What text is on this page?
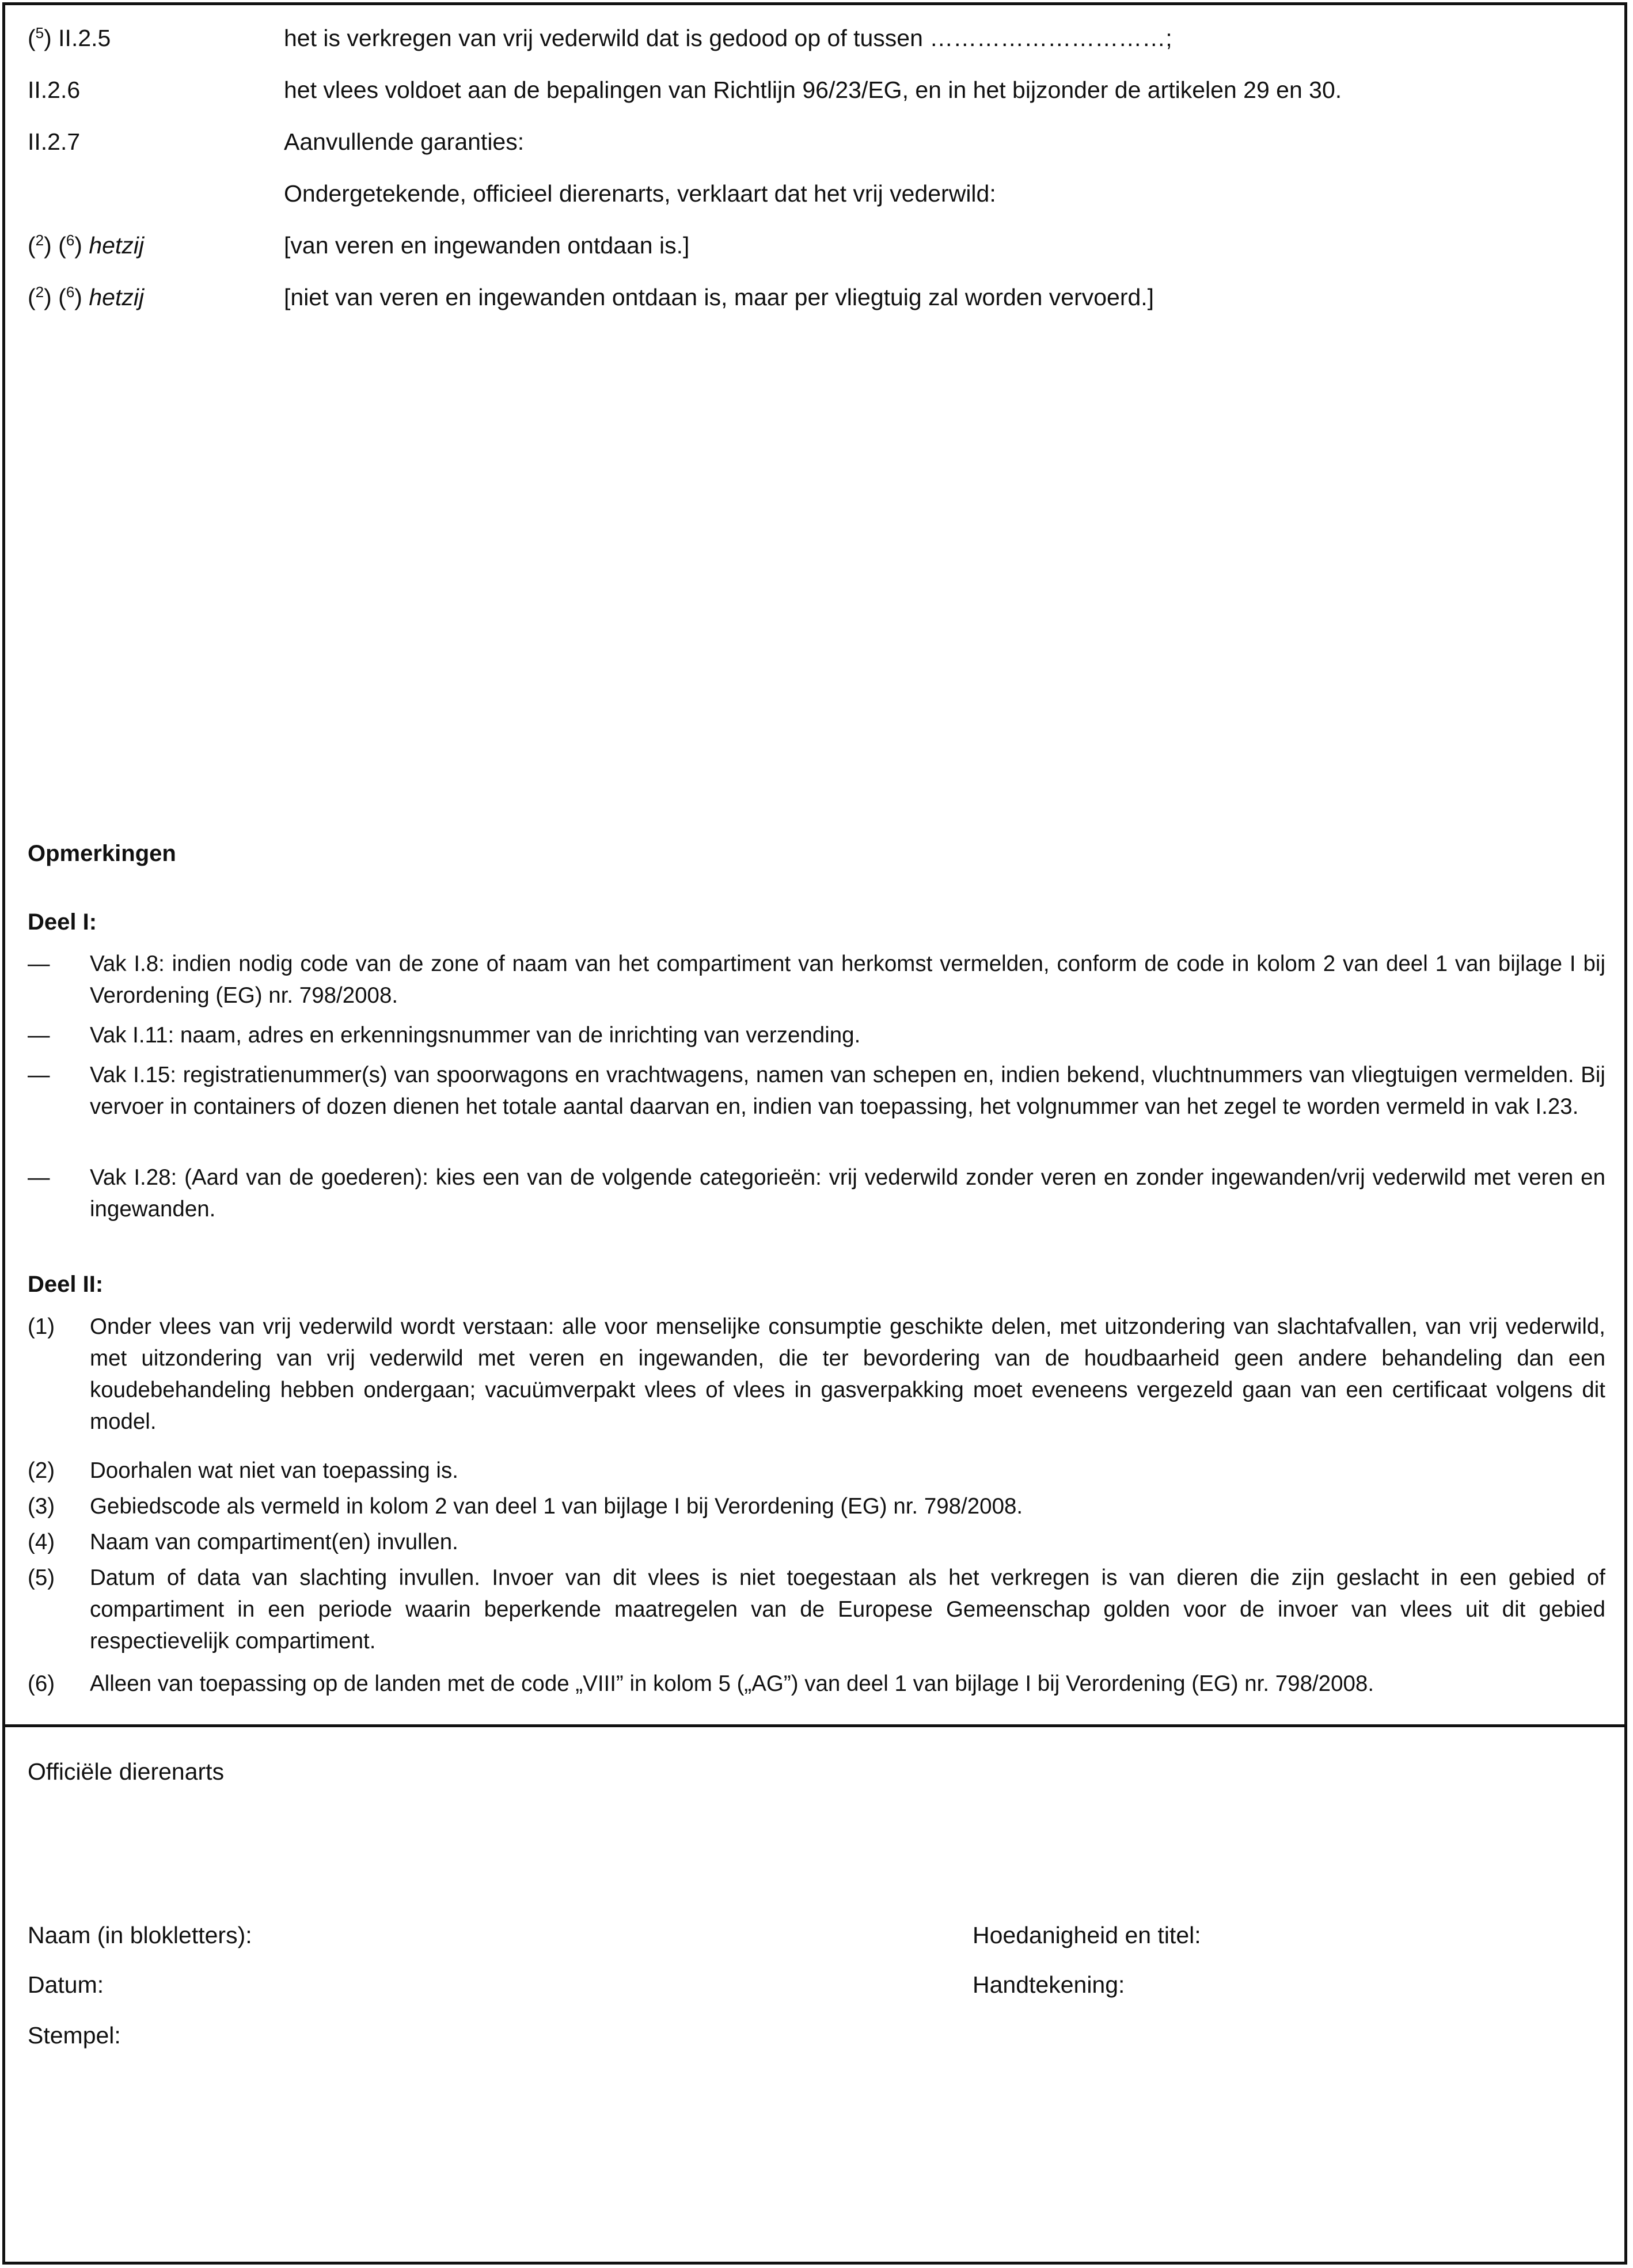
($^5$) II.2.5	het is verkregen van vrij vederwild dat is gedood op of tussen …………………………;
II.2.6	het vlees voldoet aan de bepalingen van Richtlijn 96/23/EG, en in het bijzonder de artikelen 29 en 30.
II.2.7	Aanvullende garanties:
Ondergetekende, officieel dierenarts, verklaart dat het vrij vederwild:
($^2$) ($^6$) hetzij	[van veren en ingewanden ontdaan is.]
($^2$) ($^6$) hetzij	[niet van veren en ingewanden ontdaan is, maar per vliegtuig zal worden vervoerd.]
Opmerkingen
Deel I:
—	Vak I.8: indien nodig code van de zone of naam van het compartiment van herkomst vermelden, conform de code in kolom 2 van deel 1 van bijlage I bij Verordening (EG) nr. 798/2008.
—	Vak I.11: naam, adres en erkenningsnummer van de inrichting van verzending.
—	Vak I.15: registratienummer(s) van spoorwagons en vrachtwagens, namen van schepen en, indien bekend, vluchtnummers van vliegtuigen vermelden. Bij vervoer in containers of dozen dienen het totale aantal daarvan en, indien van toepassing, het volgnummer van het zegel te worden vermeld in vak I.23.
—	Vak I.28: (Aard van de goederen): kies een van de volgende categorieën: vrij vederwild zonder veren en zonder ingewanden/vrij vederwild met veren en ingewanden.
Deel II:
(1)	Onder vlees van vrij vederwild wordt verstaan: alle voor menselijke consumptie geschikte delen, met uitzondering van slachtafvallen, van vrij vederwild, met uitzondering van vrij vederwild met veren en ingewanden, die ter bevordering van de houdbaarheid geen andere behandeling dan een koudebehandeling hebben ondergaan; vacuümverpakt vlees of vlees in gasverpakking moet eveneens vergezeld gaan van een certificaat volgens dit model.
(2)	Doorhalen wat niet van toepassing is.
(3)	Gebiedscode als vermeld in kolom 2 van deel 1 van bijlage I bij Verordening (EG) nr. 798/2008.
(4)	Naam van compartiment(en) invullen.
(5)	Datum of data van slachting invullen. Invoer van dit vlees is niet toegestaan als het verkregen is van dieren die zijn geslacht in een gebied of compartiment in een periode waarin beperkende maatregelen van de Europese Gemeenschap golden voor de invoer van vlees uit dit gebied respectievelijk compartiment.
(6)	Alleen van toepassing op de landen met de code „VIII” in kolom 5 („AG”) van deel 1 van bijlage I bij Verordening (EG) nr. 798/2008.
Officiële dierenarts
Naam (in blokletters):	Hoedanigheid en titel:
Datum:	Handtekening:
Stempel:
